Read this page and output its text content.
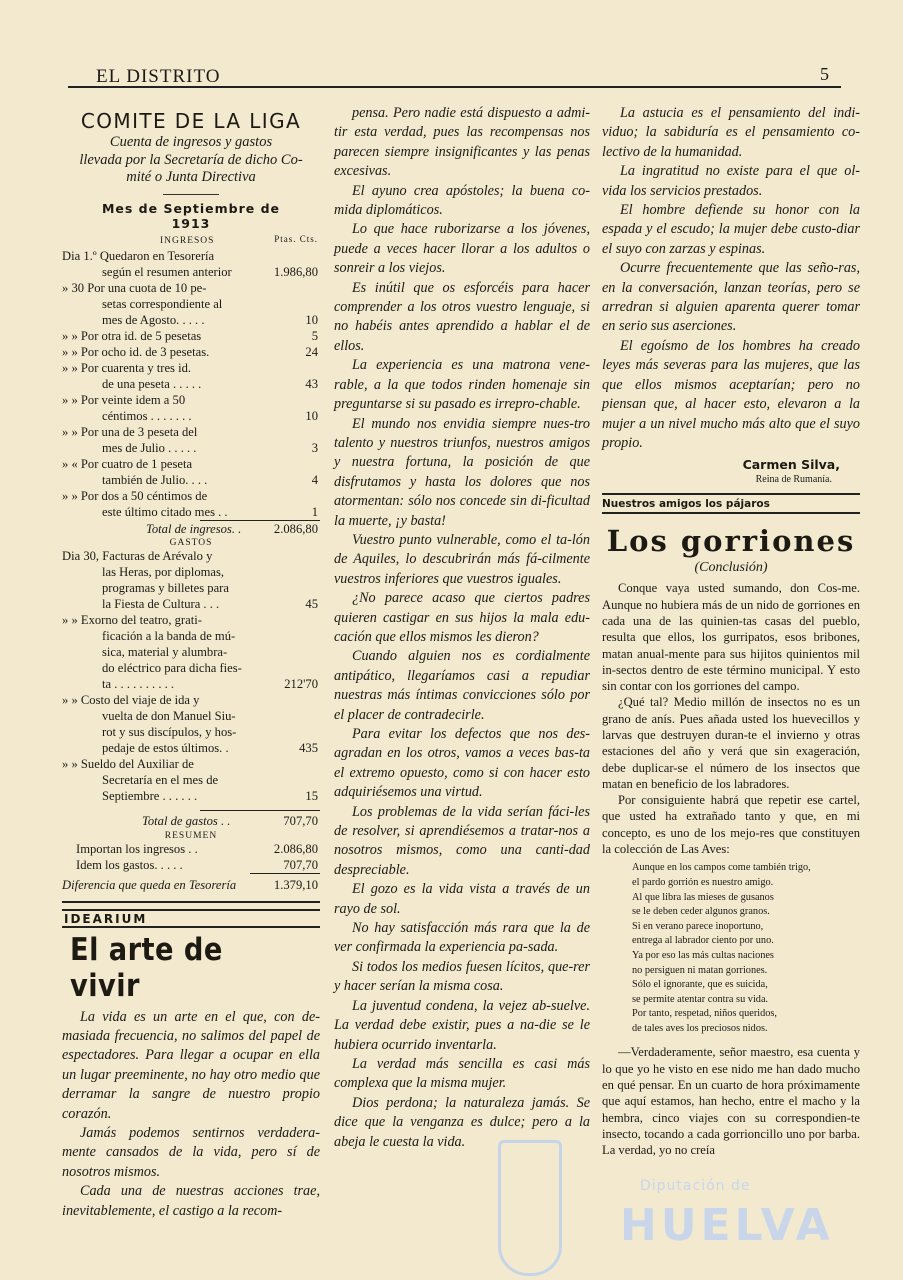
EL DISTRITO	5
COMITE DE LA LIGA
Cuenta de ingresos y gastos
llevada por la Secretaría de dicho Co-
mité o Junta Directiva
Mes de Septiembre de
1913
INGRESOS	Ptas. Cts.
Dia 1.º Quedaron en Tesorería
según el resumen anterior	1.986,80
» 30 Por una cuota de 10 pe-
setas correspondiente al
mes de Agosto. . . . .	10
» » Por otra id. de 5 pesetas	5
» » Por ocho id. de 3 pesetas.	24
» » Por cuarenta y tres id.
de una peseta . . . . .	43
» » Por veinte idem a 50
céntimos . . . . . . .	10
» » Por una de 3 peseta del
mes de Julio . . . . .	3
» « Por cuatro de 1 peseta
también de Julio. . . .	4
» » Por dos a 50 céntimos de
este último citado mes . .	1
Total de ingresos. .	2.086,80
GASTOS
Dia 30, Facturas de Arévalo y
las Heras, por diplomas,
programas y billetes para
la Fiesta de Cultura . . .	45
» » Exorno del teatro, grati-
ficación a la banda de mú-
sica, material y alumbra-
do eléctrico para dicha fies-
ta . . . . . . . . . .	212'70
» » Costo del viaje de ida y
vuelta de don Manuel Siu-
rot y sus discípulos, y hos-
pedaje de estos últimos. .	435
» » Sueldo del Auxiliar de
Secretaría en el mes de
Septiembre . . . . . .	15
Total de gastos . .	707,70
RESUMEN
Importan los ingresos . .	2.086,80
Idem los gastos. . . . .	707,70
Diferencia que queda en Tesorería	1.379,10
IDEARIUM
El arte de vivir

La vida es un arte en el que, con de-masiada frecuencia, no salimos del papel de espectadores. Para llegar a ocupar en ella un lugar preeminente, no hay otro medio que derramar la sangre de nuestro propio corazón.

Jamás podemos sentirnos verdadera-mente cansados de la vida, pero sí de nosotros mismos.

Cada una de nuestras acciones trae, inevitablemente, el castigo a la recom-

pensa. Pero nadie está dispuesto a admi-tir esta verdad, pues las recompensas nos parecen siempre insignificantes y las penas excesivas.

El ayuno crea apóstoles; la buena co-mida diplomáticos.

Lo que hace ruborizarse a los jóvenes, puede a veces hacer llorar a los adultos o sonreir a los viejos.

Es inútil que os esforcéis para hacer comprender a los otros vuestro lenguaje, si no habéis antes aprendido a hablar el de ellos.

La experiencia es una matrona vene-rable, a la que todos rinden homenaje sin preguntarse si su pasado es irrepro-chable.

El mundo nos envidia siempre nues-tro talento y nuestros triunfos, nuestros amigos y nuestra fortuna, la posición de que disfrutamos y hasta los dolores que nos atormentan: sólo nos concede sin di-ficultad la muerte, ¡y basta!

Vuestro punto vulnerable, como el ta-lón de Aquiles, lo descubrirán más fá-cilmente vuestros inferiores que vuestros iguales.

¿No parece acaso que ciertos padres quieren castigar en sus hijos la mala edu-cación que ellos mismos les dieron?

Cuando alguien nos es cordialmente antipático, llegaríamos casi a repudiar nuestras más íntimas convicciones sólo por el placer de contradecirle.

Para evitar los defectos que nos des-agradan en los otros, vamos a veces bas-ta el extremo opuesto, como si con hacer esto adquiriésemos una virtud.

Los problemas de la vida serían fáci-les de resolver, si aprendiésemos a tratar-nos a nosotros mismos, como una canti-dad despreciable.

El gozo es la vida vista a través de un rayo de sol.

No hay satisfacción más rara que la de ver confirmada la experiencia pa-sada.

Si todos los medios fuesen lícitos, que-rer y hacer serían la misma cosa.

La juventud condena, la vejez ab-suelve. La verdad debe existir, pues a na-die se le hubiera ocurrido inventarla.

La verdad más sencilla es casi más complexa que la misma mujer.

Dios perdona; la naturaleza jamás. Se dice que la venganza es dulce; pero a la abeja le cuesta la vida.

La astucia es el pensamiento del indi-viduo; la sabiduría es el pensamiento co-lectivo de la humanidad.

La ingratitud no existe para el que ol-vida los servicios prestados.

El hombre defiende su honor con la espada y el escudo; la mujer debe custo-diar el suyo con zarzas y espinas.

Ocurre frecuentemente que las seño-ras, en la conversación, lanzan teorías, pero se arredran si alguien aparenta querer tomar en serio sus aserciones.

El egoísmo de los hombres ha creado leyes más severas para las mujeres, que las que ellos mismos aceptarían; pero no piensan que, al hacer esto, elevaron a la mujer a un nivel mucho más alto que el suyo propio.

Carmen Silva,
Reina de Rumanía.
Nuestros amigos los pájaros
Los gorriones
(Conclusión)

Conque vaya usted sumando, don Cos-me. Aunque no hubiera más de un nido de gorriones en cada una de las quinien-tas casas del pueblo, resulta que ellos, los gurripatos, esos bribones, matan anual-mente para sus hijitos quinientos mil in-sectos dentro de este término municipal. Y esto sin contar con los gorriones del campo.

¿Qué tal? Medio millón de insectos no es un grano de anís. Pues añada usted los huevecillos y larvas que destruyen duran-te el invierno y otras estaciones del año y verá que sin exageración, debe duplicar-se el número de los insectos que matan en beneficio de los labradores.

Por consiguiente habrá que repetir ese cartel, que usted ha extrañado tanto y que, en mi concepto, es uno de los mejo-res que constituyen la colección de Las Aves:

Aunque en los campos come también trigo,
el pardo gorrión es nuestro amigo.
Al que libra las mieses de gusanos
se le deben ceder algunos granos.
Si en verano parece inoportuno,
entrega al labrador ciento por uno.
Ya por eso las más cultas naciones
no persiguen ni matan gorriones.
Sólo el ignorante, que es suicida,
se permite atentar contra su vida.
Por tanto, respetad, niños queridos,
de tales aves los preciosos nidos.

—Verdaderamente, señor maestro, esa cuenta y lo que yo he visto en ese nido me han dado mucho en qué pensar. En un cuarto de hora próximamente que aquí estamos, han hecho, entre el macho y la hembra, cinco viajes con su correspondien-te insecto, tocando a cada gorrioncillo uno por barba. La verdad, yo no creía

Diputación de
HUELVA
